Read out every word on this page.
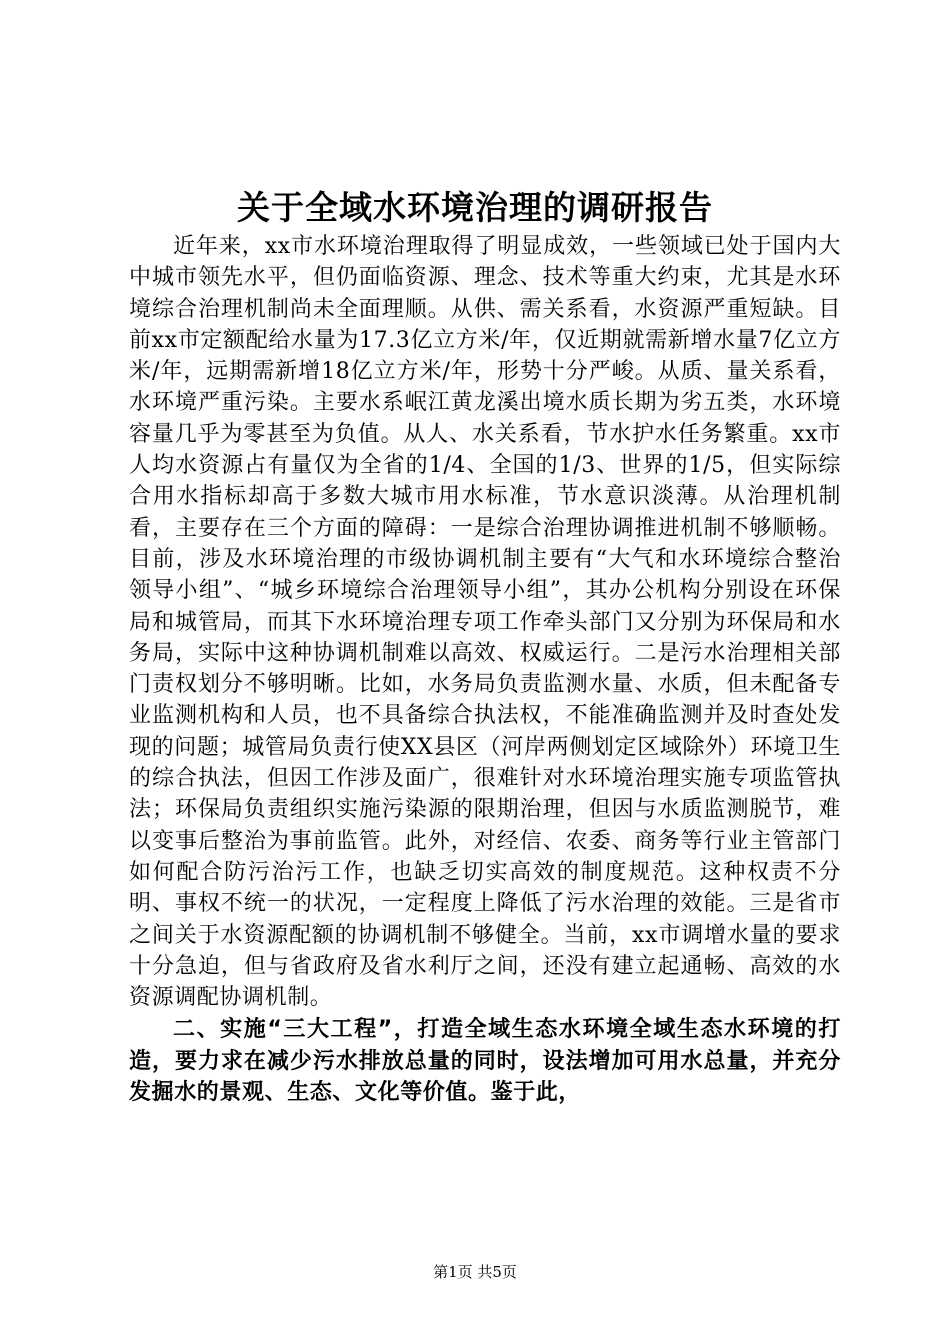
关于全域水环境治理的调研报告

近年来，xx市水环境治理取得了明显成效，一些领域已处于国内大中城市领先水平，但仍面临资源、理念、技术等重大约束，尤其是水环境综合治理机制尚未全面理顺。从供、需关系看，水资源严重短缺。目前xx市定额配给水量为17.3亿立方米/年，仅近期就需新增水量7亿立方米/年，远期需新增18亿立方米/年，形势十分严峻。从质、量关系看，水环境严重污染。主要水系岷江黄龙溪出境水质长期为劣五类，水环境容量几乎为零甚至为负值。从人、水关系看，节水护水任务繁重。xx市人均水资源占有量仅为全省的1/4、全国的1/3、世界的1/5，但实际综合用水指标却高于多数大城市用水标准，节水意识淡薄。从治理机制看，主要存在三个方面的障碍：一是综合治理协调推进机制不够顺畅。目前，涉及水环境治理的市级协调机制主要有“大气和水环境综合整治领导小组”、“城乡环境综合治理领导小组”，其办公机构分别设在环保局和城管局，而其下水环境治理专项工作牵头部门又分别为环保局和水务局，实际中这种协调机制难以高效、权威运行。二是污水治理相关部门责权划分不够明晰。比如，水务局负责监测水量、水质，但未配备专业监测机构和人员，也不具备综合执法权，不能准确监测并及时查处发现的问题；城管局负责行使XX县区（河岸两侧划定区域除外）环境卫生的综合执法，但因工作涉及面广，很难针对水环境治理实施专项监管执法；环保局负责组织实施污染源的限期治理，但因与水质监测脱节，难以变事后整治为事前监管。此外，对经信、农委、商务等行业主管部门如何配合防污治污工作，也缺乏切实高效的制度规范。这种权责不分明、事权不统一的状况，一定程度上降低了污水治理的效能。三是省市之间关于水资源配额的协调机制不够健全。当前，xx市调增水量的要求十分急迫，但与省政府及省水利厅之间，还没有建立起通畅、高效的水资源调配协调机制。

二、实施“三大工程”，打造全域生态水环境全域生态水环境的打造，要力求在减少污水排放总量的同时，设法增加可用水总量，并充分发掘水的景观、生态、文化等价值。鉴于此，

第1页 共5页
